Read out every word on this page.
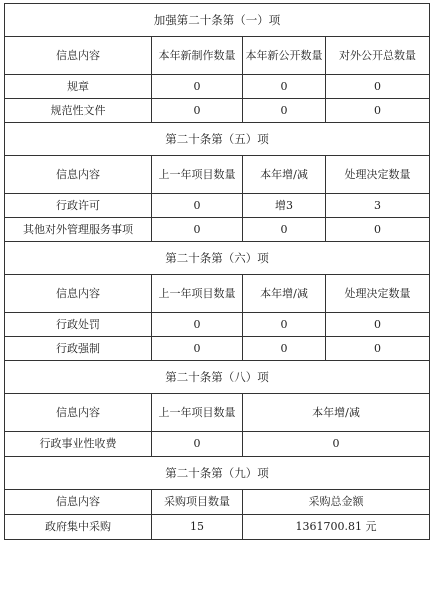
加强第二十条第（一）项			
信息内容	本年新制作数量	本年新公开数量	对外公开总数量
规章	0	0	0
规范性文件	0	0	0
第二十条第（五）项			
信息内容	上一年项目数量	本年增/减	处理决定数量
行政许可	0	增3	3
其他对外管理服务事项	0	0	0
第二十条第（六）项			
信息内容	上一年项目数量	本年增/减	处理决定数量
行政处罚	0	0	0
行政强制	0	0	0
第二十条第（八）项			
信息内容	上一年项目数量	本年增/减	
行政事业性收费	0	0	
第二十条第（九）项			
信息内容	采购项目数量	采购总金额	
政府集中采购	15	1361700.81 元	
